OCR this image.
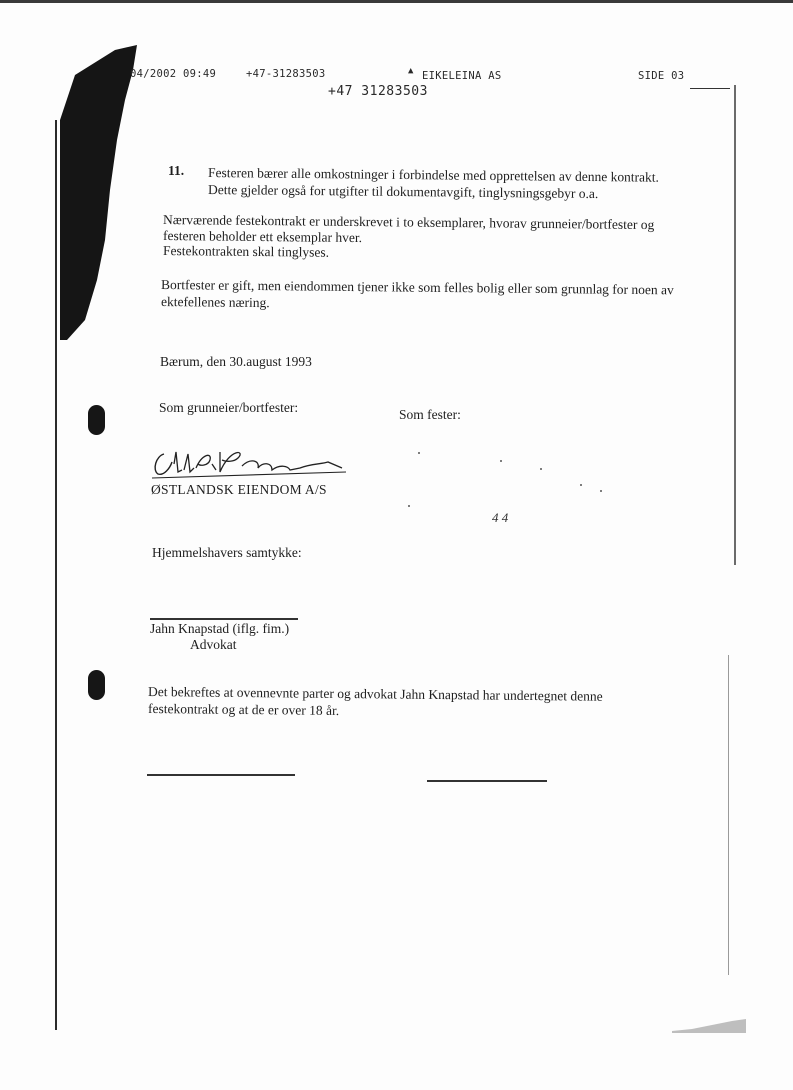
04/2002 09:49	+47-31283503	▲ EIKELEINA AS	SIDE 03
+47 31283503
11. Festeren bærer alle omkostninger i forbindelse med opprettelsen av denne kontrakt.
Dette gjelder også for utgifter til dokumentavgift, tinglysningsgebyr o.a.
Nærværende festekontrakt er underskrevet i to eksemplarer, hvorav grunneier/bortfester og
festeren beholder ett eksemplar hver.
Festekontrakten skal tinglyses.
Bortfester er gift, men eiendommen tjener ikke som felles bolig eller som grunnlag for noen av
ektefellenes næring.
Bærum, den 30.august 1993
Som grunneier/bortfester:	Som fester:
ØSTLANDSK EIENDOM A/S
4 4
Hjemmelshavers samtykke:
Jahn Knapstad (iflg. fim.)
Advokat
Det bekreftes at ovennevnte parter og advokat Jahn Knapstad har undertegnet denne
festekontrakt og at de er over 18 år.
